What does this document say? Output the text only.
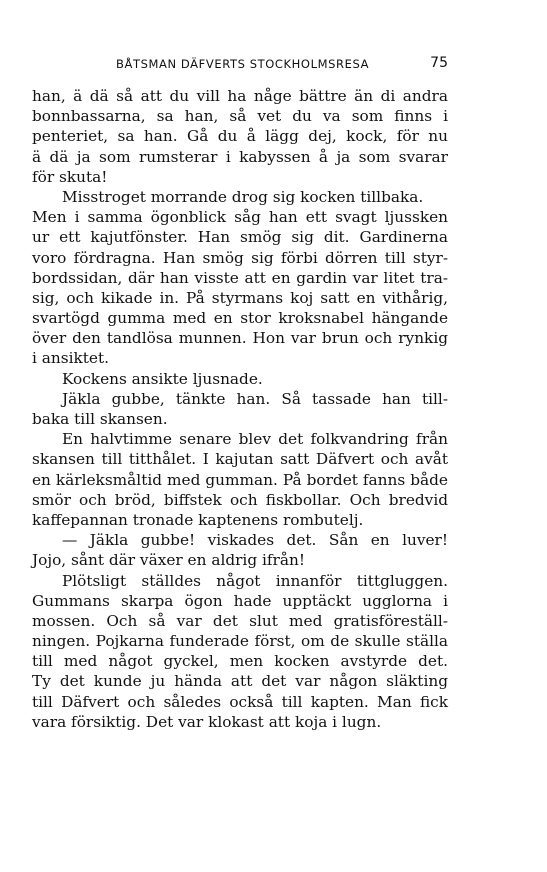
BÅTSMAN DÄFVERTS STOCKHOLMSRESA	75
han, ä dä så att du vill ha någe bättre än di andra
bonnbassarna, sa han, så vet du va som finns i
penteriet, sa han. Gå du å lägg dej, kock, för nu
ä dä ja som rumsterar i kabyssen å ja som svarar
för skuta!
Misstroget morrande drog sig kocken tillbaka.
Men i samma ögonblick såg han ett svagt ljussken
ur ett kajutfönster. Han smög sig dit. Gardinerna
voro fördragna. Han smög sig förbi dörren till styr-
bordssidan, där han visste att en gardin var litet tra-
sig, och kikade in. På styrmans koj satt en vithårig,
svartögd gumma med en stor kroksnabel hängande
över den tandlösa munnen. Hon var brun och rynkig
i ansiktet.
Kockens ansikte ljusnade.
Jäkla gubbe, tänkte han. Så tassade han till-
baka till skansen.
En halvtimme senare blev det folkvandring från
skansen till titthålet. I kajutan satt Däfvert och avåt
en kärleksmåltid med gumman. På bordet fanns både
smör och bröd, biffstek och fiskbollar. Och bredvid
kaffepannan tronade kaptenens rombutelj.
— Jäkla gubbe! viskades det. Sån en luver!
Jojo, sånt där växer en aldrig ifrån!
Plötsligt ställdes något innanför tittgluggen.
Gummans skarpa ögon hade upptäckt ugglorna i
mossen. Och så var det slut med gratisföreställ-
ningen. Pojkarna funderade först, om de skulle ställa
till med något gyckel, men kocken avstyrde det.
Ty det kunde ju hända att det var någon släkting
till Däfvert och således också till kapten. Man fick
vara försiktig. Det var klokast att koja i lugn.
